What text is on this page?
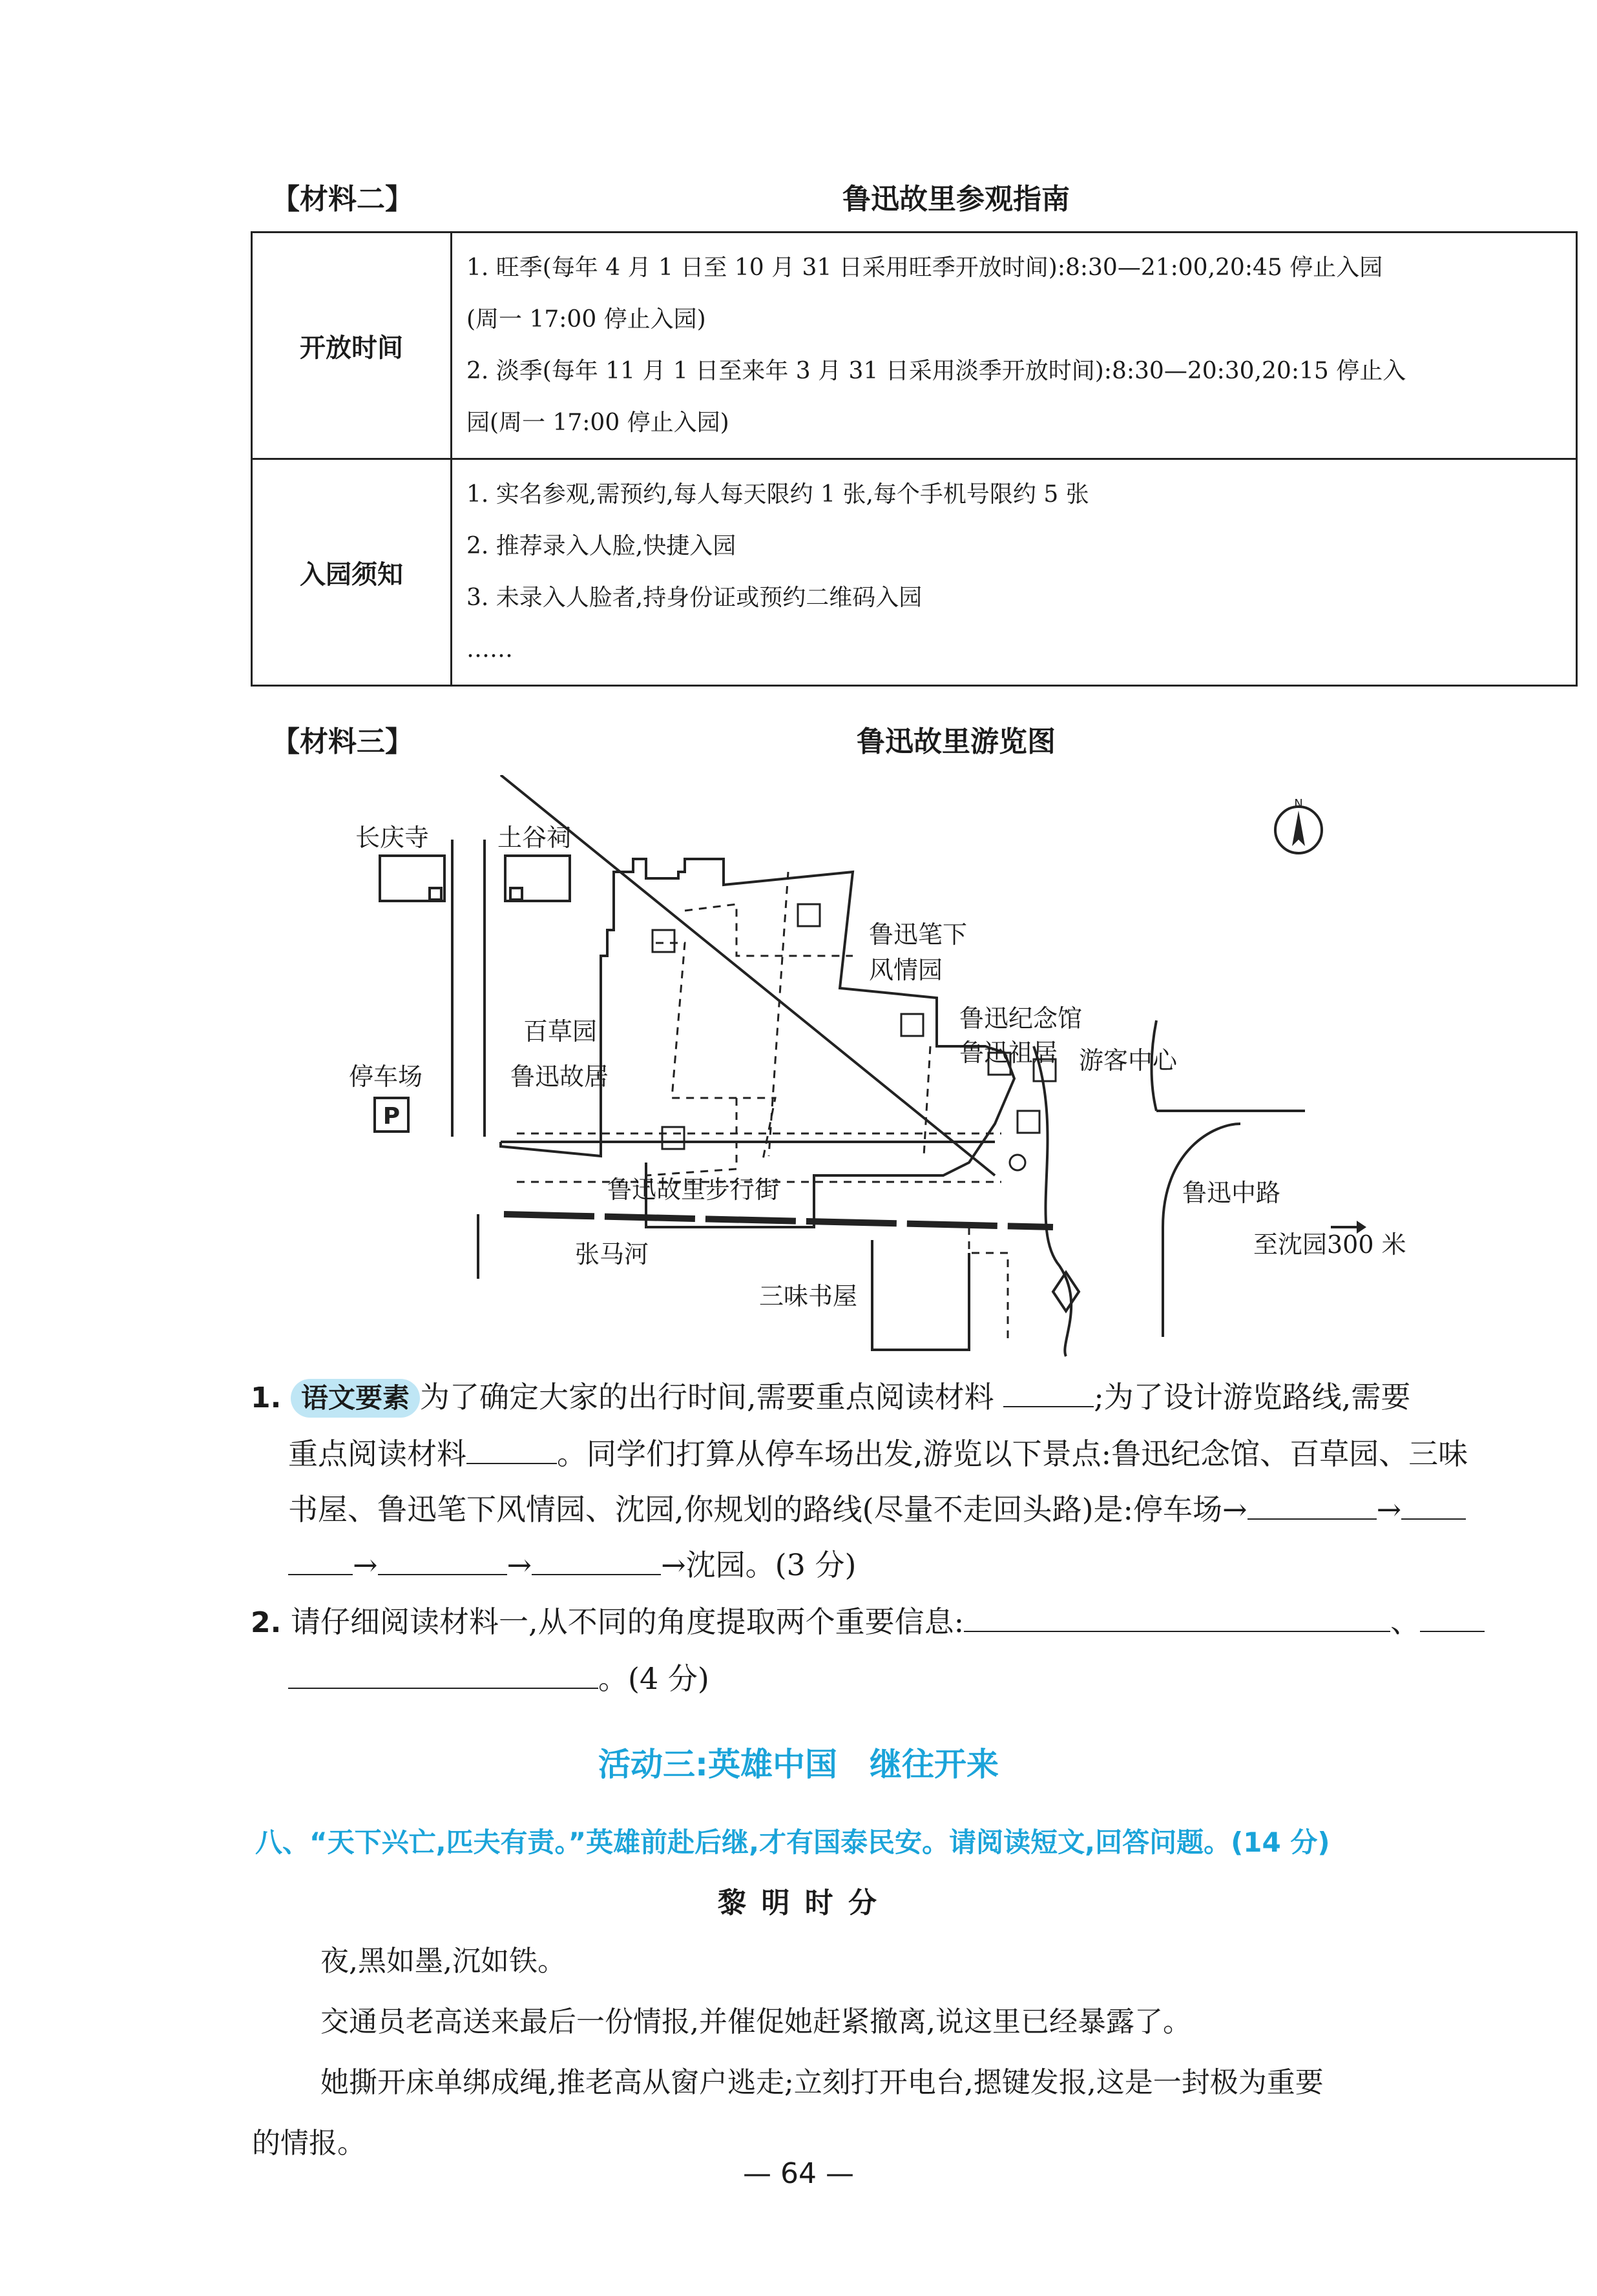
【材料二】	鲁迅故里参观指南
开放时间	1. 旺季(每年 4 月 1 日至 10 月 31 日采用旺季开放时间):8:30—21:00,20:45 停止入园
(周一 17:00 停止入园)
2. 淡季(每年 11 月 1 日至来年 3 月 31 日采用淡季开放时间):8:30—20:30,20:15 停止入
园(周一 17:00 停止入园)

入园须知	1. 实名参观,需预约,每人每天限约 1 张,每个手机号限约 5 张
2. 推荐录入人脸,快捷入园
3. 未录入人脸者,持身份证或预约二维码入园
……
【材料三】	鲁迅故里游览图
N
P
长庆寺	土谷祠
鲁迅笔下
风情园
鲁迅纪念馆
鲁迅祖居 游客中心
百草园
鲁迅故居
停车场
鲁迅故里步行街	鲁迅中路
至沈园300 米
张马河
三味书屋
1. 语文要素 为了确定大家的出行时间,需要重点阅读材料	;为了设计游览路线,需要
重点阅读材料	。同学们打算从停车场出发,游览以下景点:鲁迅纪念馆、百草园、三味
书屋、鲁迅笔下风情园、沈园,你规划的路线(尽量不走回头路)是:停车场→	→
→	→	→沈园。(3 分)
2. 请仔细阅读材料一,从不同的角度提取两个重要信息:	、
。(4 分)
活动三:英雄中国　继往开来
八、“天下兴亡,匹夫有责。”英雄前赴后继,才有国泰民安。请阅读短文,回答问题。(14 分)
黎 明 时 分
夜,黑如墨,沉如铁。
交通员老高送来最后一份情报,并催促她赶紧撤离,说这里已经暴露了。
她撕开床单绑成绳,推老高从窗户逃走;立刻打开电台,摁键发报,这是一封极为重要
的情报。
— 64 —
